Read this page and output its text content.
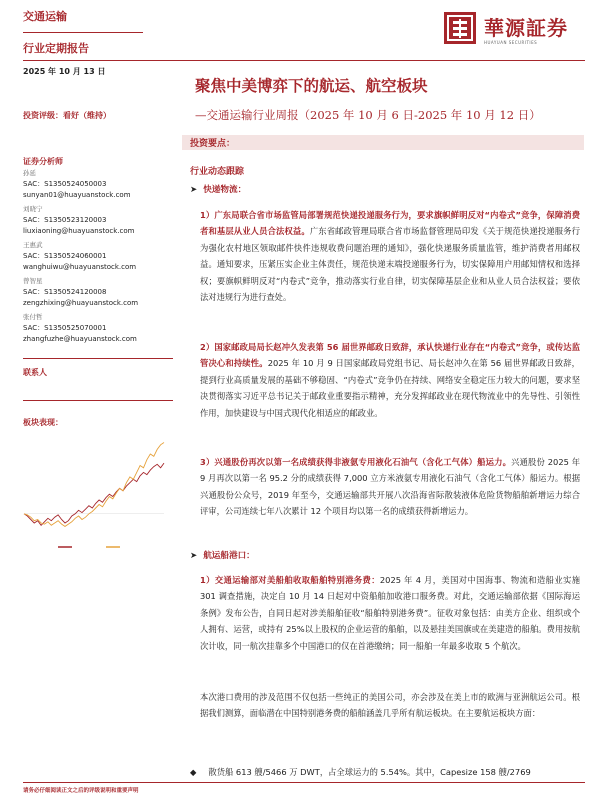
交通运输
行业定期报告
2025 年 10 月 13 日
華源証券
HUAYUAN SECURITIES
聚焦中美博弈下的航运、航空板块
—交通运输行业周报（2025 年 10 月 6 日-2025 年 10 月 12 日）
投资评级：看好（维持）
投资要点：
证券分析师
孙延
SAC：S1350524050003
sunyan01@huayuanstock.com
刘晓宁
SAC：S1350523120003
liuxiaoning@huayuanstock.com
王惠武
SAC：S1350524060001
wanghuiwu@huayuanstock.com
曾智星
SAC：S1350524120008
zengzhixing@huayuanstock.com
张付哲
SAC：S1350525070001
zhangfuzhe@huayuanstock.com
联系人
板块表现：
行业动态跟踪
➤ 快递物流：
1）广东局联合省市场监管局部署规范快递投递服务行为，要求旗帜鲜明反对“内卷式”竞争，保障消费者和基层从业人员合法权益。广东省邮政管理局联合省市场监督管理局印发《关于规范快递投递服务行为强化农村地区领取邮件快件违规收费问题治理的通知》，强化快递服务质量监管，维护消费者用邮权益。通知要求，压紧压实企业主体责任，规范快递末端投递服务行为，切实保障用户用邮知情权和选择权；要旗帜鲜明反对“内卷式”竞争，推动落实行业自律，切实保障基层企业和从业人员合法权益；要依法对违规行为进行查处。
2）国家邮政局局长赵冲久发表第 56 届世界邮政日致辞，承认快递行业存在“内卷式”竞争，或传达监管决心和持续性。2025 年 10 月 9 日国家邮政局党组书记、局长赵冲久在第 56 届世界邮政日致辞，提到行业高质量发展的基础不够稳固、“内卷式”竞争仍在持续、网络安全稳定压力较大的问题，要求坚决贯彻落实习近平总书记关于邮政业重要指示精神，充分发挥邮政业在现代物流业中的先导性、引领性作用，加快建设与中国式现代化相适应的邮政业。
3）兴通股份再次以第一名成绩获得非液氨专用液化石油气（含化工气体）船运力。兴通股份 2025 年 9 月再次以第一名 95.2 分的成绩获得 7,000 立方米液氨专用液化石油气（含化工气体）船运力。根据兴通股份公众号，2019 年至今，交通运输部共开展八次沿海省际散装液体危险货物船舶新增运力综合评审，公司连续七年八次累计 12 个项目均以第一名的成绩获得新增运力。
➤ 航运船港口：
1）交通运输部对美船舶收取船舶特别港务费：2025 年 4 月，美国对中国海事、物流和造船业实施 301 调查措施，决定自 10 月 14 日起对中资船舶加收港口服务费。对此，交通运输部依据《国际海运条例》发布公告，自同日起对涉美船舶征收“船舶特别港务费”。征收对象包括：由美方企业、组织或个人拥有、运营，或持有 25%以上股权的企业运营的船舶，以及悬挂美国旗或在美建造的船舶。费用按航次计收，同一航次挂靠多个中国港口的仅在首港缴纳；同一船舶一年最多收取 5 个航次。
本次港口费用的涉及范围不仅包括一些纯正的美国公司，亦会涉及在美上市的欧洲与亚洲航运公司。根据我们测算，面临潜在中国特别港务费的船舶涵盖几乎所有航运板块。在主要航运板块方面：
◆ 散货船 613 艘/5466 万 DWT，占全球运力的 5.54%。其中，Capesize 158 艘/2769
请务必仔细阅读正文之后的评级说明和重要声明
